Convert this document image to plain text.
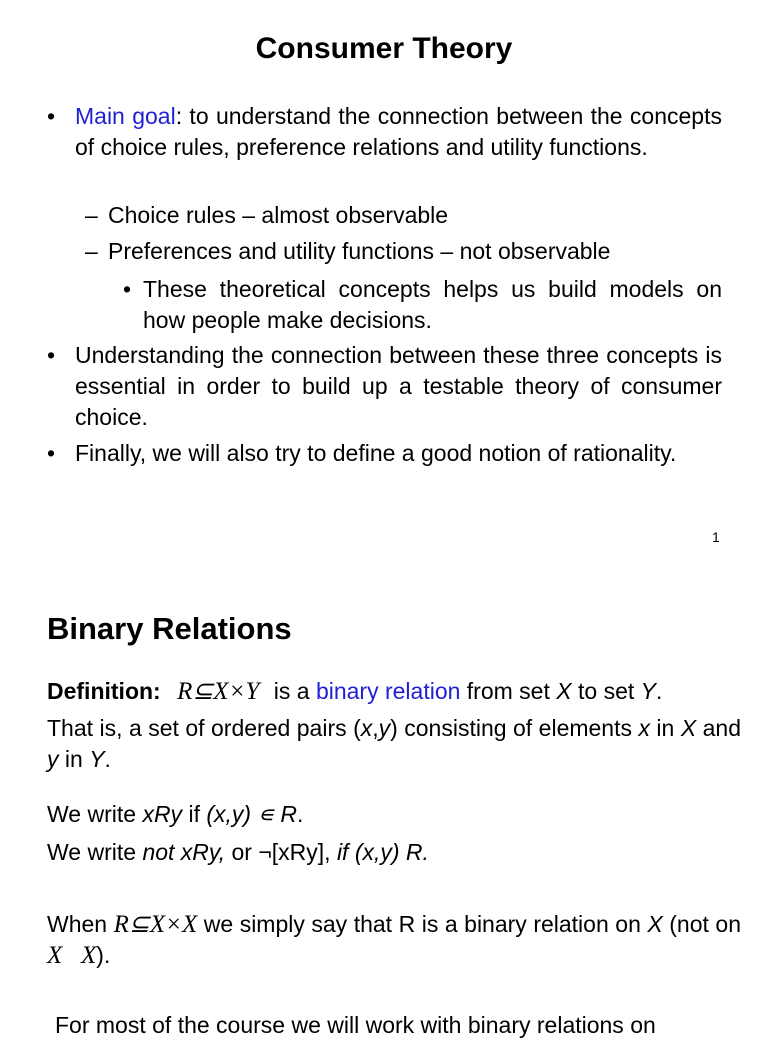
Consumer Theory
• Main goal: to understand the connection between the concepts of choice rules, preference relations and utility functions.
– Choice rules – almost observable
– Preferences and utility functions – not observable
• These theoretical concepts helps us build models on how people make decisions.
• Understanding the connection between these three concepts is essential in order to build up a testable theory of consumer choice.
• Finally, we will also try to define a good notion of rationality.
1
Binary Relations
Definition: R⊆X×Y is a binary relation from set X to set Y.
That is, a set of ordered pairs (x,y) consisting of elements x in X and y in Y.
We write xRy if (x,y) ∊ R.
We write not xRy, or ¬[xRy], if (x,y) R.
When R⊆X×X we simply say that R is a binary relation on X (not on X   X).
For most of the course we will work with binary relations on
